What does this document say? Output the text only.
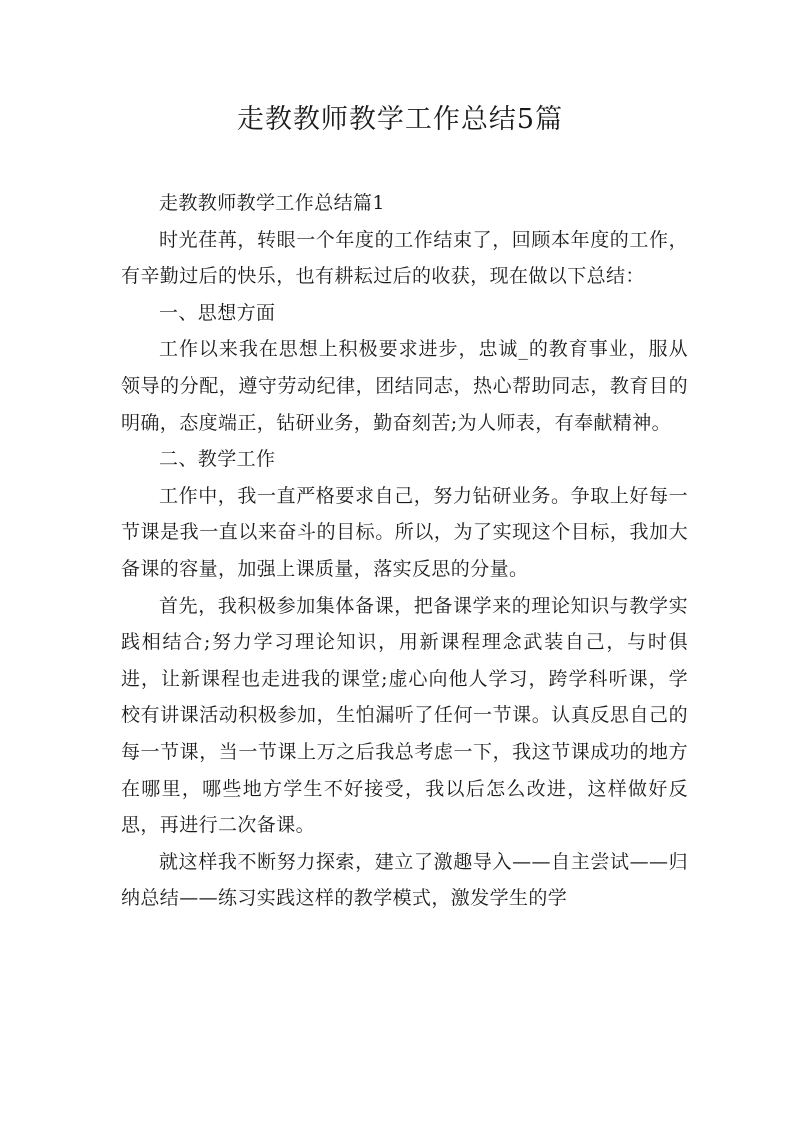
走教教师教学工作总结5篇

走教教师教学工作总结篇1

时光荏苒，转眼一个年度的工作结束了，回顾本年度的工作，有辛勤过后的快乐，也有耕耘过后的收获，现在做以下总结：

一、思想方面

工作以来我在思想上积极要求进步，忠诚_的教育事业，服从领导的分配，遵守劳动纪律，团结同志，热心帮助同志，教育目的明确，态度端正，钻研业务，勤奋刻苦;为人师表，有奉献精神。

二、教学工作

工作中，我一直严格要求自己，努力钻研业务。争取上好每一节课是我一直以来奋斗的目标。所以，为了实现这个目标，我加大备课的容量，加强上课质量，落实反思的分量。

首先，我积极参加集体备课，把备课学来的理论知识与教学实践相结合;努力学习理论知识，用新课程理念武装自己，与时俱进，让新课程也走进我的课堂;虚心向他人学习，跨学科听课，学校有讲课活动积极参加，生怕漏听了任何一节课。认真反思自己的每一节课，当一节课上万之后我总考虑一下，我这节课成功的地方在哪里，哪些地方学生不好接受，我以后怎么改进，这样做好反思，再进行二次备课。

就这样我不断努力探索，建立了激趣导入——自主尝试——归纳总结——练习实践这样的教学模式，激发学生的学
